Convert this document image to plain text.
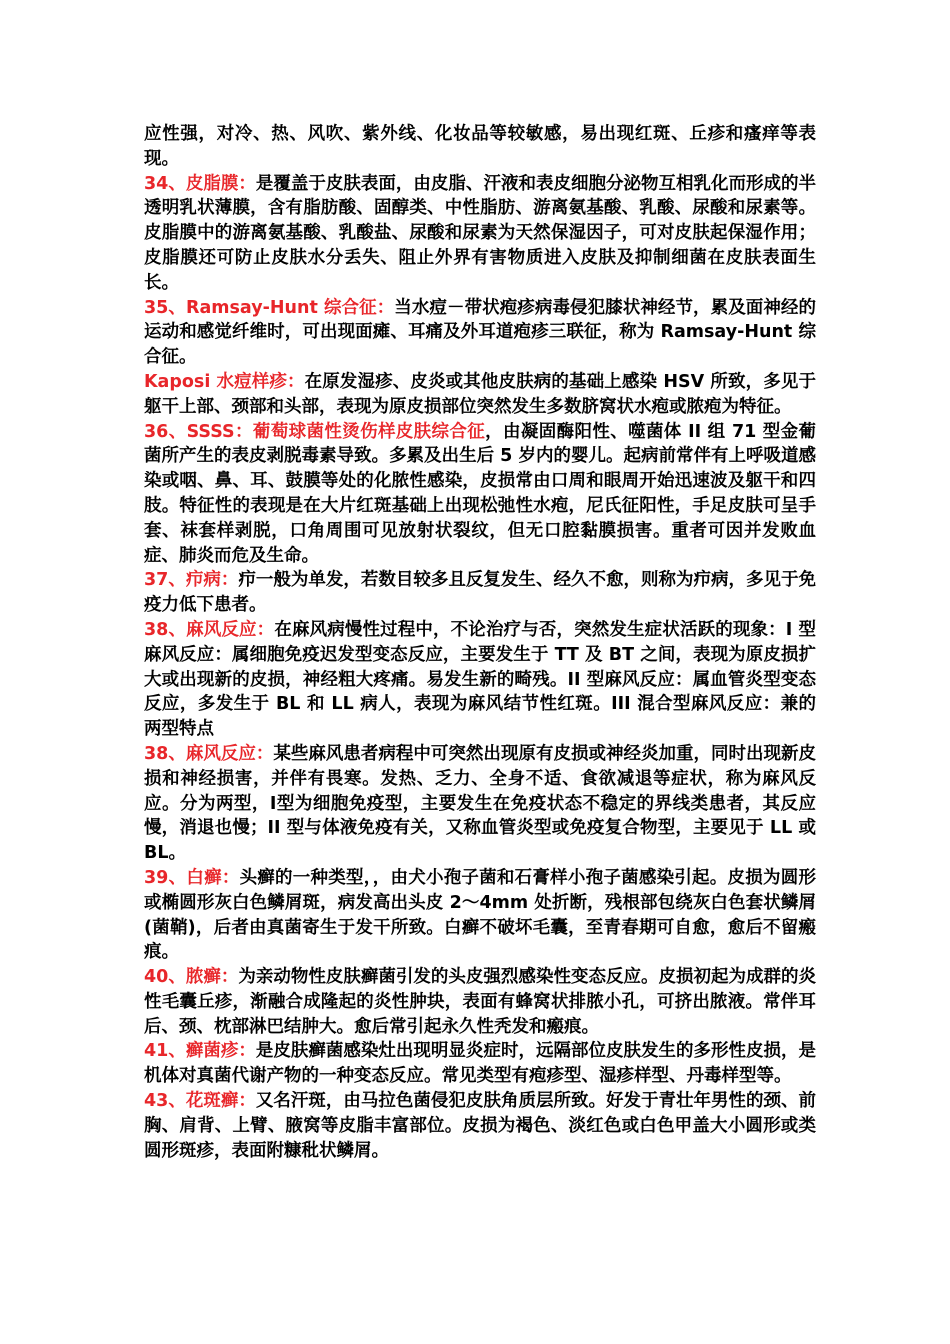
应性强，对冷、热、风吹、紫外线、化妆品等较敏感，易出现红斑、丘疹和瘙痒等表现。

34、皮脂膜：是覆盖于皮肤表面，由皮脂、汗液和表皮细胞分泌物互相乳化而形成的半透明乳状薄膜，含有脂肪酸、固醇类、中性脂肪、游离氨基酸、乳酸、尿酸和尿素等。皮脂膜中的游离氨基酸、乳酸盐、尿酸和尿素为天然保湿因子，可对皮肤起保湿作用；皮脂膜还可防止皮肤水分丢失、阻止外界有害物质进入皮肤及抑制细菌在皮肤表面生长。

35、Ramsay-Hunt 综合征：当水痘－带状疱疹病毒侵犯膝状神经节，累及面神经的运动和感觉纤维时，可出现面瘫、耳痛及外耳道疱疹三联征，称为 Ramsay-Hunt 综合征。

Kaposi 水痘样疹：在原发湿疹、皮炎或其他皮肤病的基础上感染 HSV 所致，多见于躯干上部、颈部和头部，表现为原皮损部位突然发生多数脐窝状水疱或脓疱为特征。

36、SSSS：葡萄球菌性烫伤样皮肤综合征，由凝固酶阳性、噬菌体 II 组 71 型金葡菌所产生的表皮剥脱毒素导致。多累及出生后 5 岁内的婴儿。起病前常伴有上呼吸道感染或咽、鼻、耳、鼓膜等处的化脓性感染，皮损常由口周和眼周开始迅速波及躯干和四肢。特征性的表现是在大片红斑基础上出现松弛性水疱，尼氏征阳性，手足皮肤可呈手套、袜套样剥脱，口角周围可见放射状裂纹，但无口腔黏膜损害。重者可因并发败血症、肺炎而危及生命。

37、疖病：疖一般为单发，若数目较多且反复发生、经久不愈，则称为疖病，多见于免疫力低下患者。

38、麻风反应：在麻风病慢性过程中，不论治疗与否，突然发生症状活跃的现象：I 型麻风反应：属细胞免疫迟发型变态反应，主要发生于 TT 及 BT 之间，表现为原皮损扩大或出现新的皮损，神经粗大疼痛。易发生新的畸残。II 型麻风反应：属血管炎型变态反应，多发生于 BL 和 LL 病人，表现为麻风结节性红斑。III 混合型麻风反应：兼的两型特点

38、麻风反应：某些麻风患者病程中可突然出现原有皮损或神经炎加重，同时出现新皮损和神经损害，并伴有畏寒。发热、乏力、全身不适、食欲减退等症状，称为麻风反应。分为两型，Ⅰ型为细胞免疫型，主要发生在免疫状态不稳定的界线类患者，其反应慢，消退也慢；II 型与体液免疫有关，又称血管炎型或免疫复合物型，主要见于 LL 或 BL。

39、白癣：头癣的一种类型，，由犬小孢子菌和石膏样小孢子菌感染引起。皮损为圆形或椭圆形灰白色鳞屑斑，病发高出头皮 2～4mm 处折断，残根部包绕灰白色套状鳞屑(菌鞘)，后者由真菌寄生于发干所致。白癣不破坏毛囊，至青春期可自愈，愈后不留瘢痕。

40、脓癣：为亲动物性皮肤癣菌引发的头皮强烈感染性变态反应。皮损初起为成群的炎性毛囊丘疹，渐融合成隆起的炎性肿块，表面有蜂窝状排脓小孔，可挤出脓液。常伴耳后、颈、枕部淋巴结肿大。愈后常引起永久性秃发和瘢痕。

41、癣菌疹：是皮肤癣菌感染灶出现明显炎症时，远隔部位皮肤发生的多形性皮损，是机体对真菌代谢产物的一种变态反应。常见类型有疱疹型、湿疹样型、丹毒样型等。

43、花斑癣：又名汗斑，由马拉色菌侵犯皮肤角质层所致。好发于青壮年男性的颈、前胸、肩背、上臂、腋窝等皮脂丰富部位。皮损为褐色、淡红色或白色甲盖大小圆形或类圆形斑疹，表面附糠秕状鳞屑。
